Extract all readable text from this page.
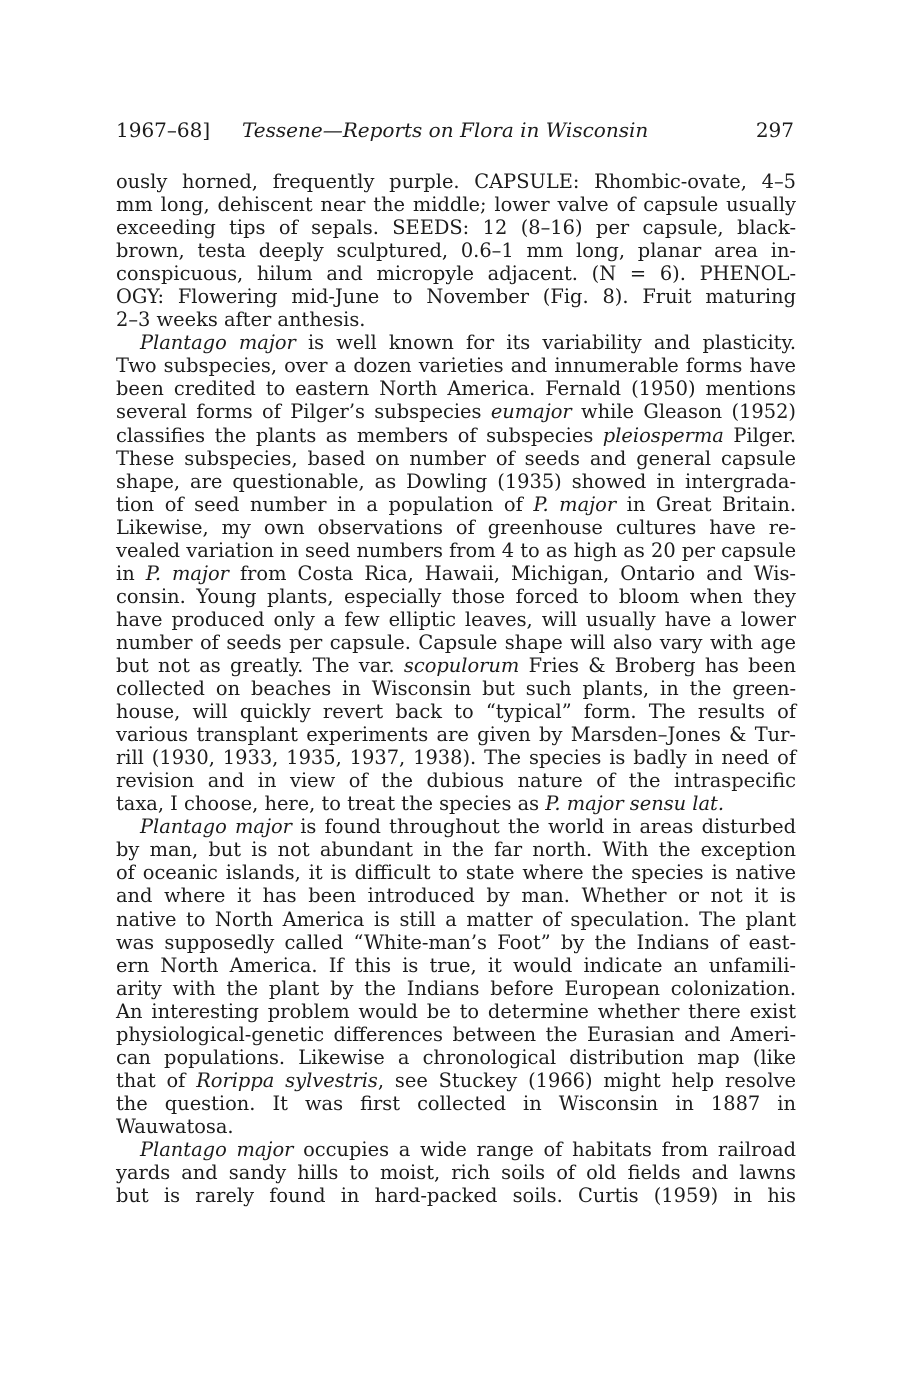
1967–68] Tessene—Reports on Flora in Wisconsin	297
ously horned, frequently purple. CAPSULE: Rhombic-ovate, 4–5
mm long, dehiscent near the middle; lower valve of capsule usually
exceeding tips of sepals. SEEDS: 12 (8–16) per capsule, black-
brown, testa deeply sculptured, 0.6–1 mm long, planar area in-
conspicuous, hilum and micropyle adjacent. (N = 6). PHENOL-
OGY: Flowering mid-June to November (Fig. 8). Fruit maturing
2–3 weeks after anthesis.
Plantago major is well known for its variability and plasticity.
Two subspecies, over a dozen varieties and innumerable forms have
been credited to eastern North America. Fernald (1950) mentions
several forms of Pilger’s subspecies eumajor while Gleason (1952)
classifies the plants as members of subspecies pleiosperma Pilger.
These subspecies, based on number of seeds and general capsule
shape, are questionable, as Dowling (1935) showed in intergrada-
tion of seed number in a population of P. major in Great Britain.
Likewise, my own observations of greenhouse cultures have re-
vealed variation in seed numbers from 4 to as high as 20 per capsule
in P. major from Costa Rica, Hawaii, Michigan, Ontario and Wis-
consin. Young plants, especially those forced to bloom when they
have produced only a few elliptic leaves, will usually have a lower
number of seeds per capsule. Capsule shape will also vary with age
but not as greatly. The var. scopulorum Fries & Broberg has been
collected on beaches in Wisconsin but such plants, in the green-
house, will quickly revert back to “typical” form. The results of
various transplant experiments are given by Marsden–Jones & Tur-
rill (1930, 1933, 1935, 1937, 1938). The species is badly in need of
revision and in view of the dubious nature of the intraspecific
taxa, I choose, here, to treat the species as P. major sensu lat.
Plantago major is found throughout the world in areas disturbed
by man, but is not abundant in the far north. With the exception
of oceanic islands, it is difficult to state where the species is native
and where it has been introduced by man. Whether or not it is
native to North America is still a matter of speculation. The plant
was supposedly called “White-man’s Foot” by the Indians of east-
ern North America. If this is true, it would indicate an unfamili-
arity with the plant by the Indians before European colonization.
An interesting problem would be to determine whether there exist
physiological-genetic differences between the Eurasian and Ameri-
can populations. Likewise a chronological distribution map (like
that of Rorippa sylvestris, see Stuckey (1966) might help resolve
the question. It was first collected in Wisconsin in 1887 in
Wauwatosa.
Plantago major occupies a wide range of habitats from railroad
yards and sandy hills to moist, rich soils of old fields and lawns
but is rarely found in hard-packed soils. Curtis (1959) in his
